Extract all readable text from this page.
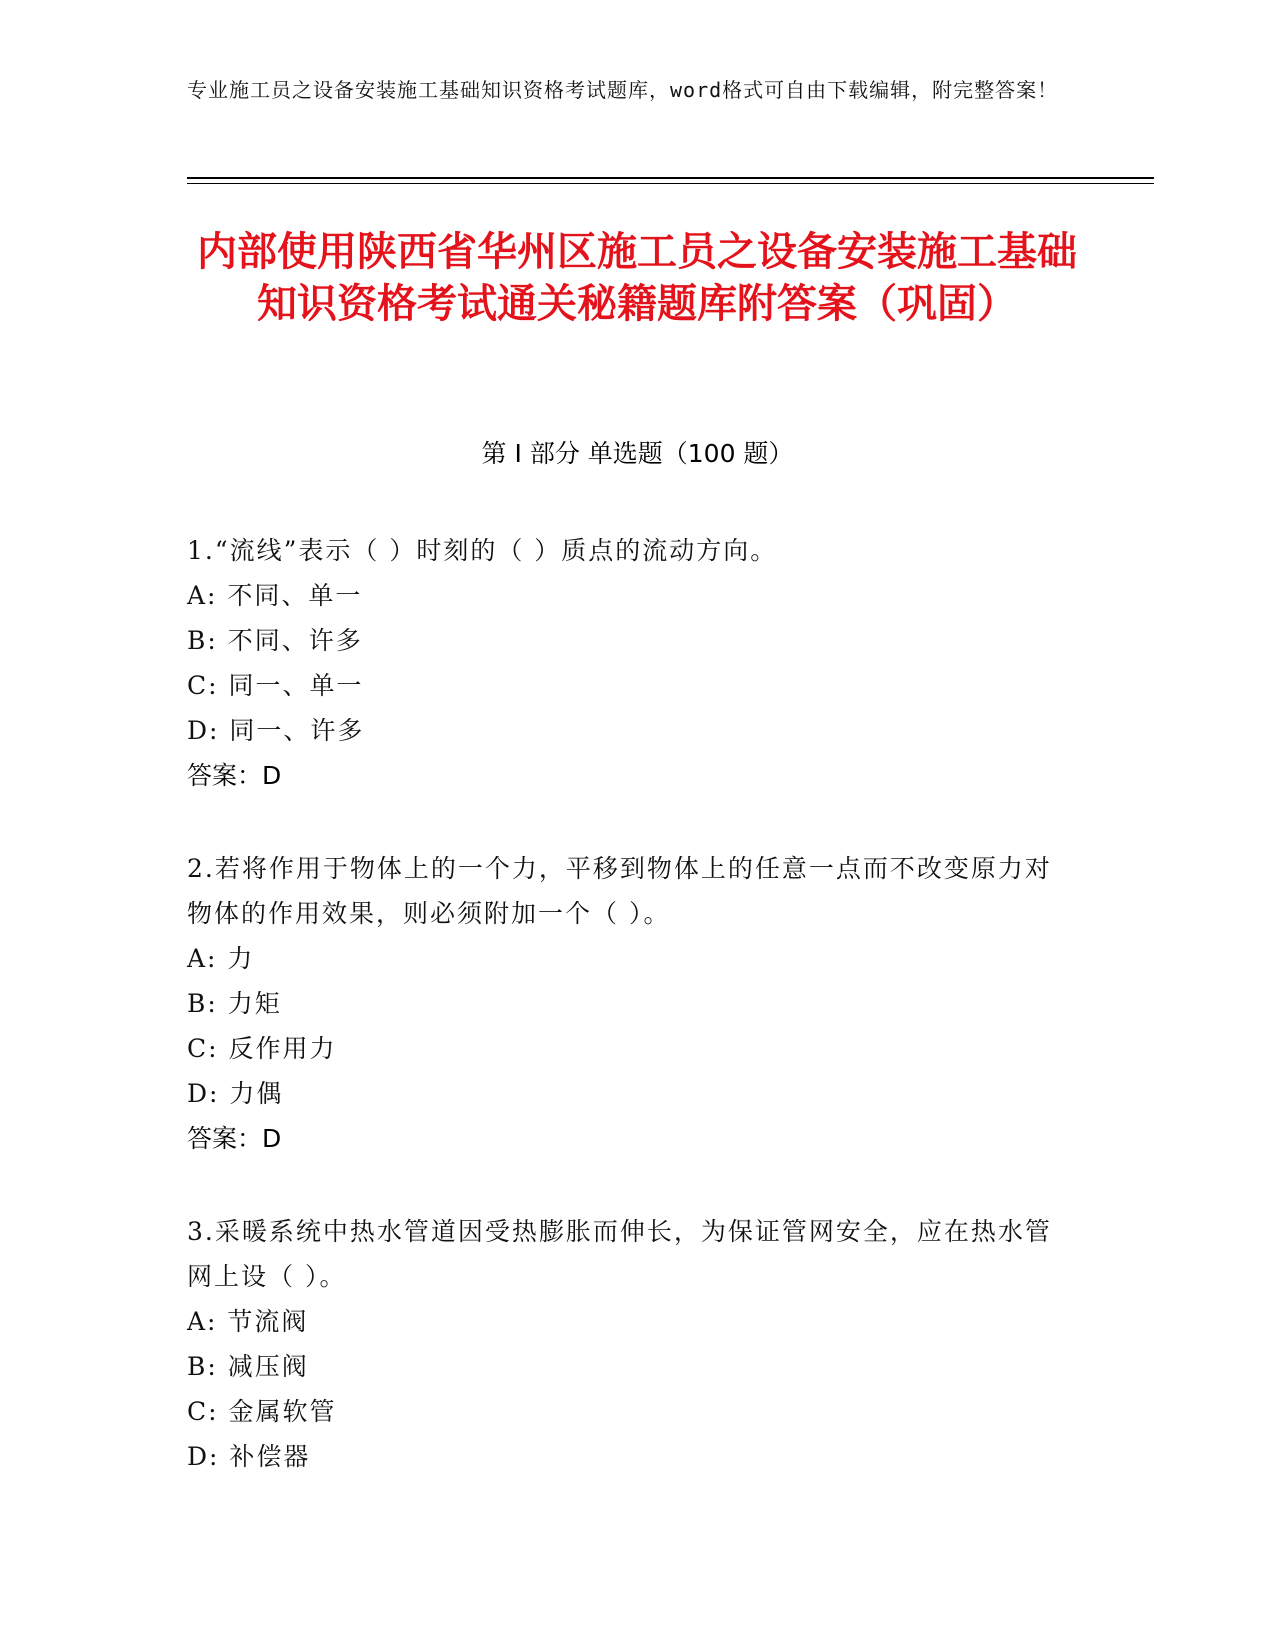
专业施工员之设备安装施工基础知识资格考试题库，word格式可自由下载编辑，附完整答案！
内部使用陕西省华州区施工员之设备安装施工基础知识资格考试通关秘籍题库附答案（巩固）
第 I 部分 单选题（100 题）
1.“流线”表示（ ）时刻的（ ）质点的流动方向。
A: 不同、单一
B: 不同、许多
C: 同一、单一
D: 同一、许多
答案：D
2.若将作用于物体上的一个力，平移到物体上的任意一点而不改变原力对物体的作用效果，则必须附加一个（ ）。
A: 力
B: 力矩
C: 反作用力
D: 力偶
答案：D
3.采暖系统中热水管道因受热膨胀而伸长，为保证管网安全，应在热水管网上设（ ）。
A: 节流阀
B: 减压阀
C: 金属软管
D: 补偿器
